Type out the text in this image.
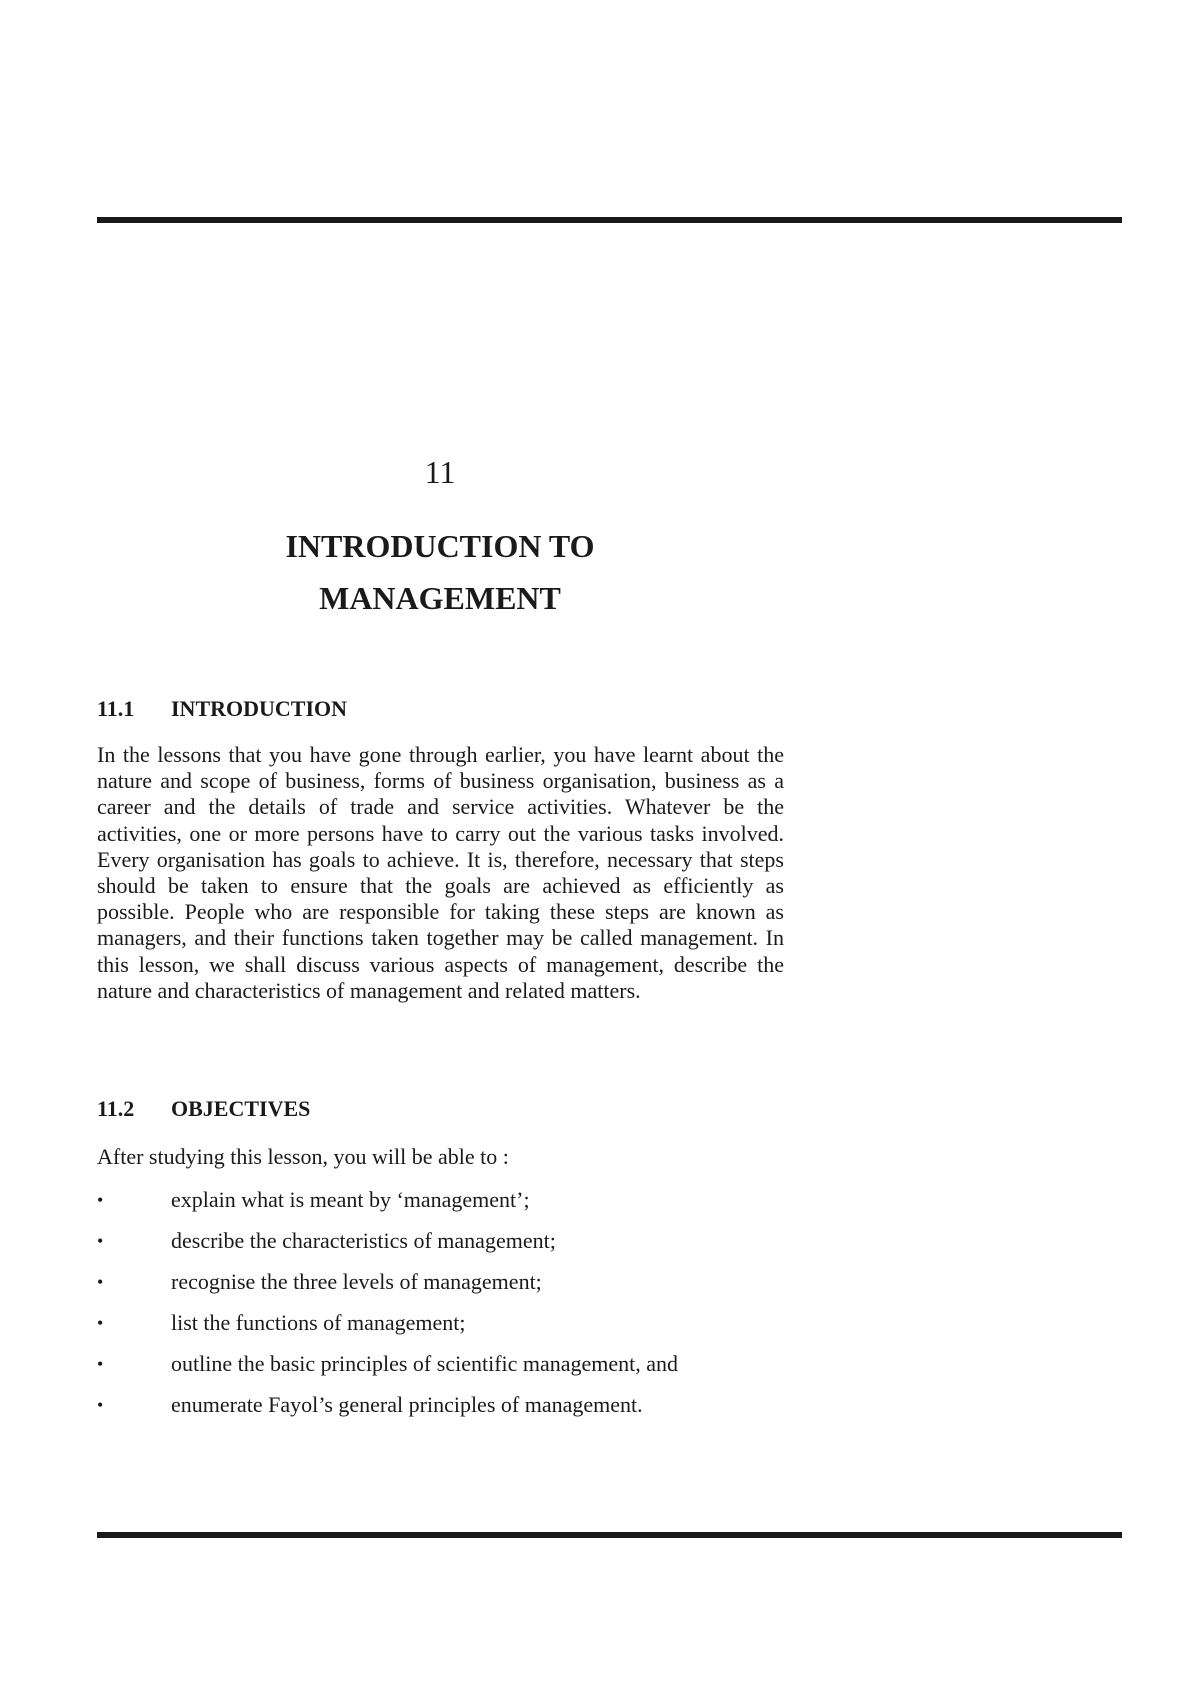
11
INTRODUCTION TO
MANAGEMENT
11.1 INTRODUCTION

In the lessons that you have gone through earlier, you have learnt about the nature and scope of business, forms of business organisation, business as a career and the details of trade and service activities. Whatever be the activities, one or more persons have to carry out the various tasks involved. Every organisation has goals to achieve. It is, therefore, necessary that steps should be taken to ensure that the goals are achieved as efficiently as possible. People who are responsible for taking these steps are known as managers, and their functions taken together may be called management. In this lesson, we shall discuss various aspects of management, describe the nature and characteristics of management and related matters.

11.2 OBJECTIVES

After studying this lesson, you will be able to :

•	explain what is meant by ‘management’;
•	describe the characteristics of management;
•	recognise the three levels of management;
•	list the functions of management;
•	outline the basic principles of scientific management, and
•	enumerate Fayol’s general principles of management.
